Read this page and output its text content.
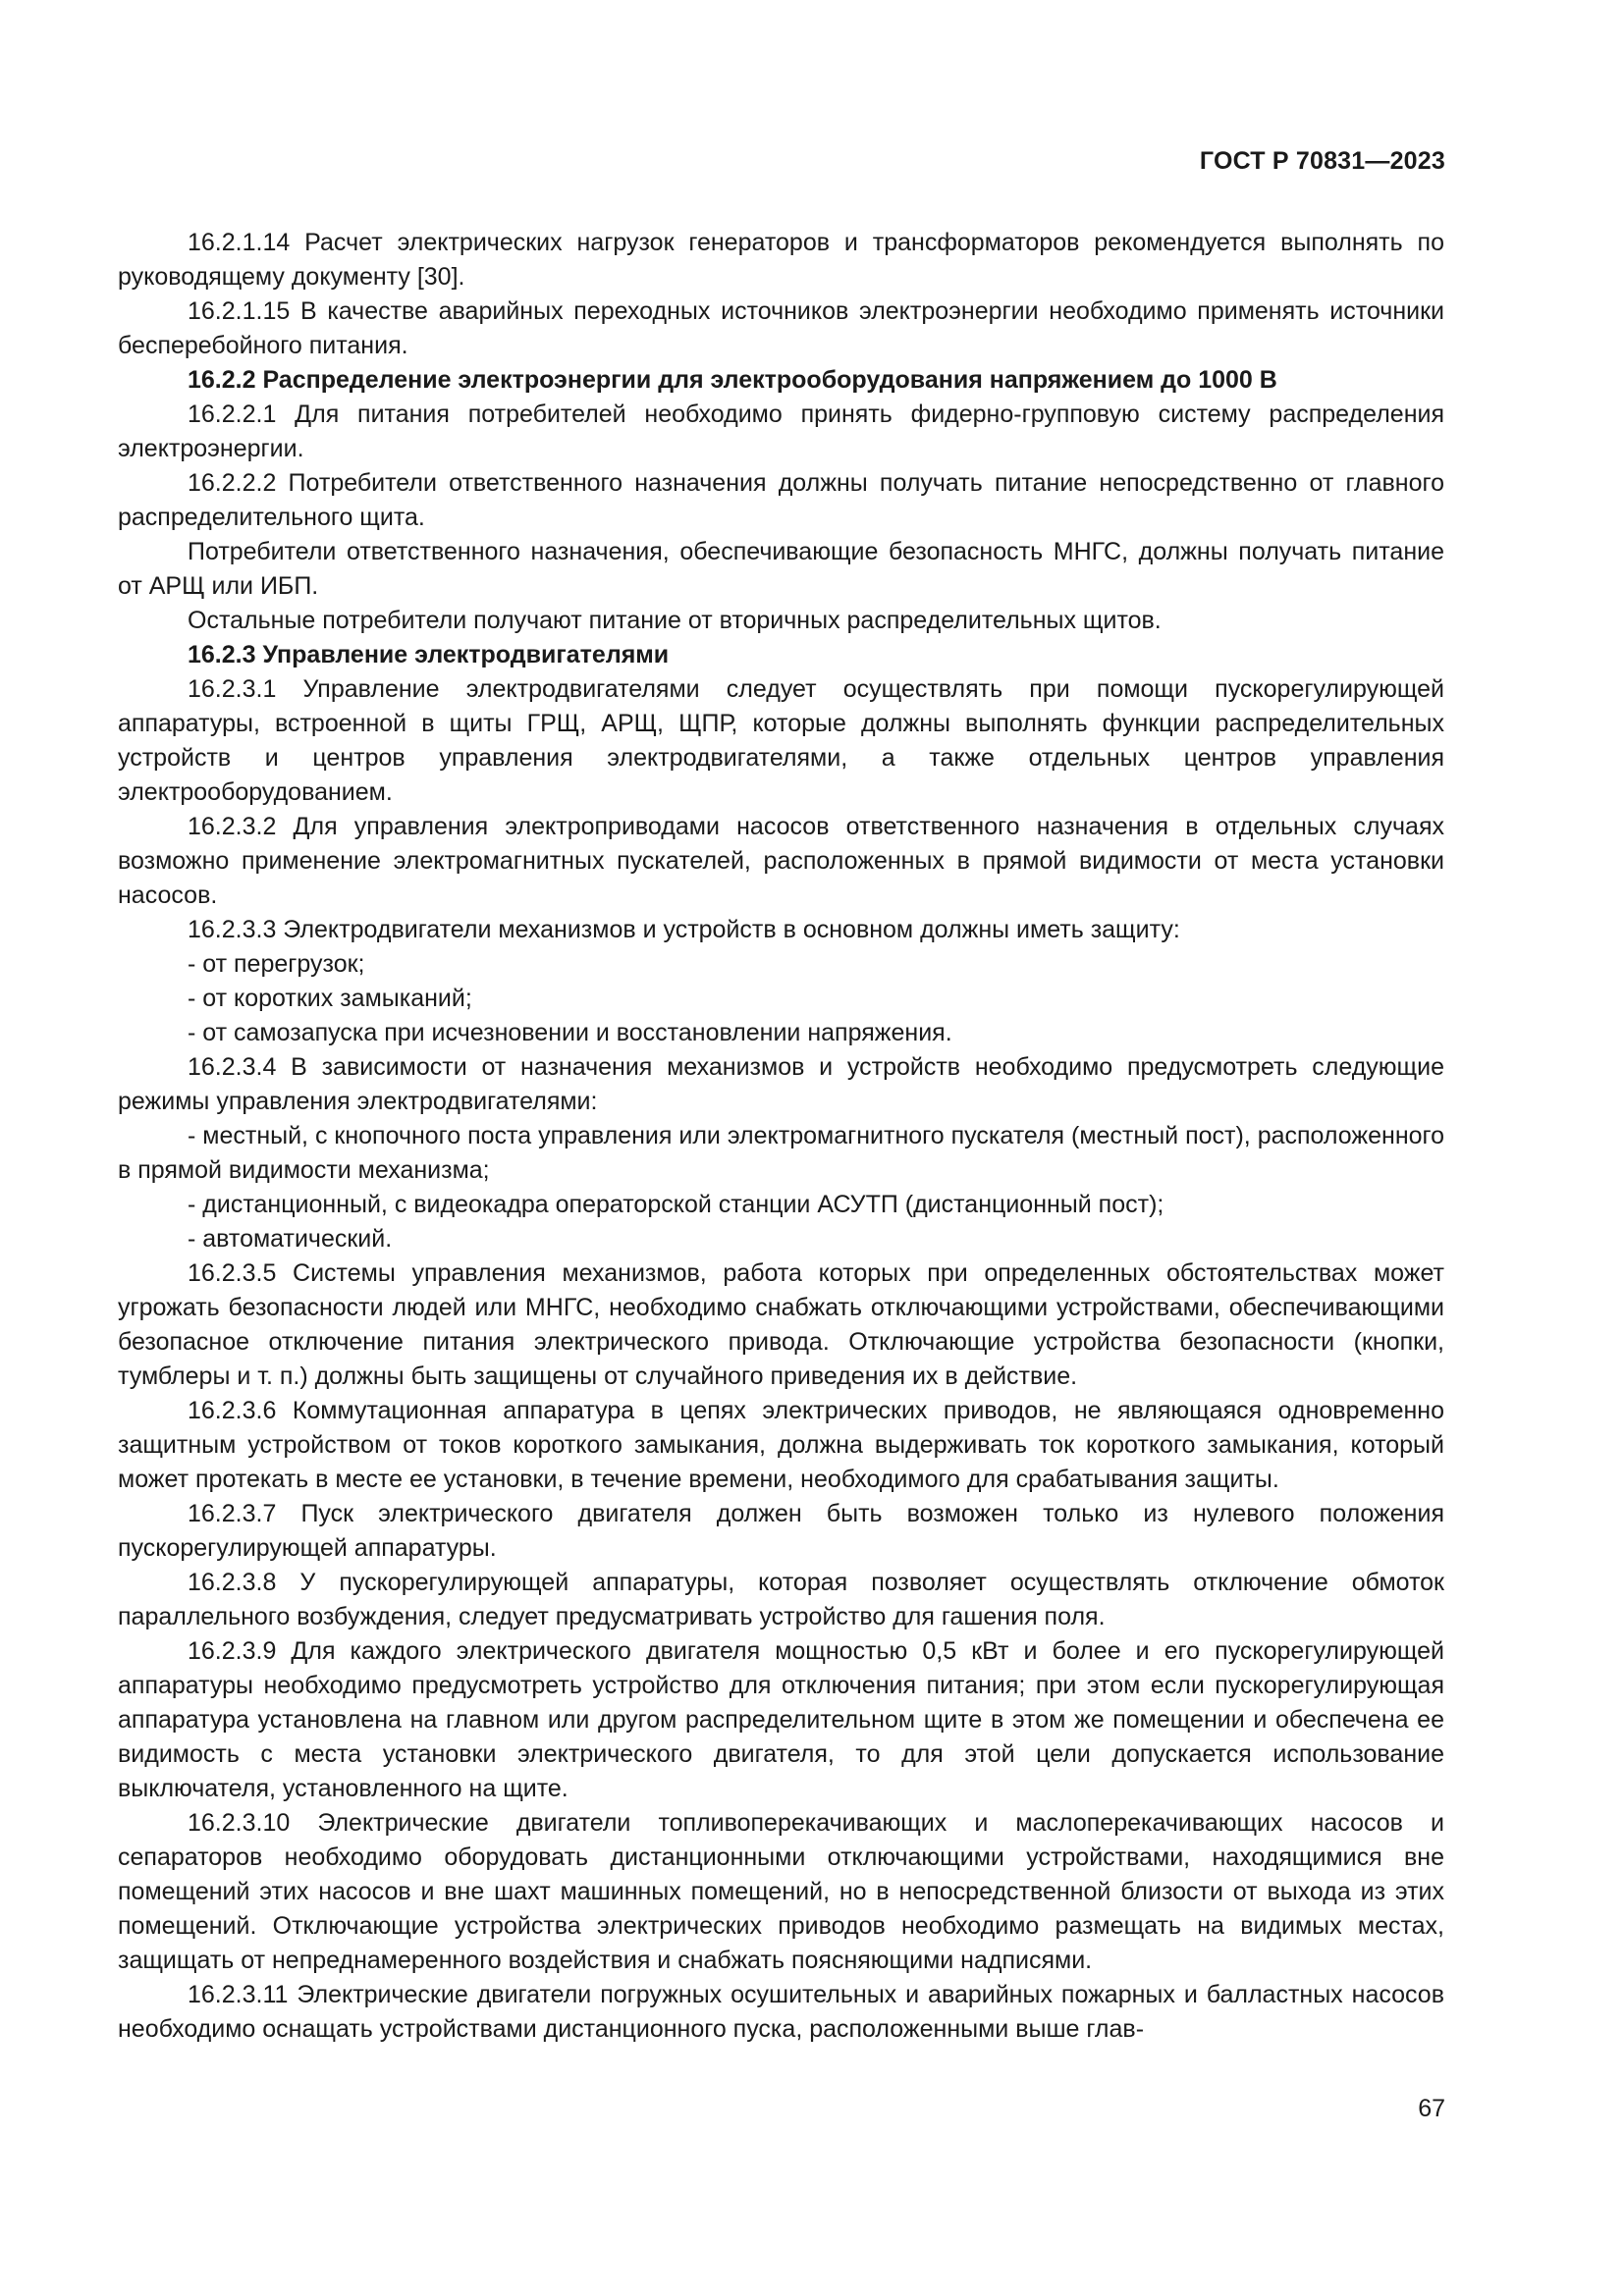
ГОСТ Р 70831—2023

16.2.1.14 Расчет электрических нагрузок генераторов и трансформаторов рекомендуется выполнять по руководящему документу [30].

16.2.1.15 В качестве аварийных переходных источников электроэнергии необходимо применять источники бесперебойного питания.

16.2.2 Распределение электроэнергии для электрооборудования напряжением до 1000 В

16.2.2.1 Для питания потребителей необходимо принять фидерно-групповую систему распределения электроэнергии.

16.2.2.2 Потребители ответственного назначения должны получать питание непосредственно от главного распределительного щита.

Потребители ответственного назначения, обеспечивающие безопасность МНГС, должны получать питание от АРЩ или ИБП.

Остальные потребители получают питание от вторичных распределительных щитов.

16.2.3 Управление электродвигателями

16.2.3.1 Управление электродвигателями следует осуществлять при помощи пускорегулирующей аппаратуры, встроенной в щиты ГРЩ, АРЩ, ЩПР, которые должны выполнять функции распределительных устройств и центров управления электродвигателями, а также отдельных центров управления электрооборудованием.

16.2.3.2 Для управления электроприводами насосов ответственного назначения в отдельных случаях возможно применение электромагнитных пускателей, расположенных в прямой видимости от места установки насосов.

16.2.3.3 Электродвигатели механизмов и устройств в основном должны иметь защиту:

- от перегрузок;

- от коротких замыканий;

- от самозапуска при исчезновении и восстановлении напряжения.

16.2.3.4 В зависимости от назначения механизмов и устройств необходимо предусмотреть следующие режимы управления электродвигателями:

- местный, с кнопочного поста управления или электромагнитного пускателя (местный пост), расположенного в прямой видимости механизма;

- дистанционный, с видеокадра операторской станции АСУТП (дистанционный пост);

- автоматический.

16.2.3.5 Системы управления механизмов, работа которых при определенных обстоятельствах может угрожать безопасности людей или МНГС, необходимо снабжать отключающими устройствами, обеспечивающими безопасное отключение питания электрического привода. Отключающие устройства безопасности (кнопки, тумблеры и т. п.) должны быть защищены от случайного приведения их в действие.

16.2.3.6 Коммутационная аппаратура в цепях электрических приводов, не являющаяся одновременно защитным устройством от токов короткого замыкания, должна выдерживать ток короткого замыкания, который может протекать в месте ее установки, в течение времени, необходимого для срабатывания защиты.

16.2.3.7 Пуск электрического двигателя должен быть возможен только из нулевого положения пускорегулирующей аппаратуры.

16.2.3.8 У пускорегулирующей аппаратуры, которая позволяет осуществлять отключение обмоток параллельного возбуждения, следует предусматривать устройство для гашения поля.

16.2.3.9 Для каждого электрического двигателя мощностью 0,5 кВт и более и его пускорегулирующей аппаратуры необходимо предусмотреть устройство для отключения питания; при этом если пускорегулирующая аппаратура установлена на главном или другом распределительном щите в этом же помещении и обеспечена ее видимость с места установки электрического двигателя, то для этой цели допускается использование выключателя, установленного на щите.

16.2.3.10 Электрические двигатели топливоперекачивающих и маслоперекачивающих насосов и сепараторов необходимо оборудовать дистанционными отключающими устройствами, находящимися вне помещений этих насосов и вне шахт машинных помещений, но в непосредственной близости от выхода из этих помещений. Отключающие устройства электрических приводов необходимо размещать на видимых местах, защищать от непреднамеренного воздействия и снабжать поясняющими надписями.

16.2.3.11 Электрические двигатели погружных осушительных и аварийных пожарных и балластных насосов необходимо оснащать устройствами дистанционного пуска, расположенными выше глав-

67
